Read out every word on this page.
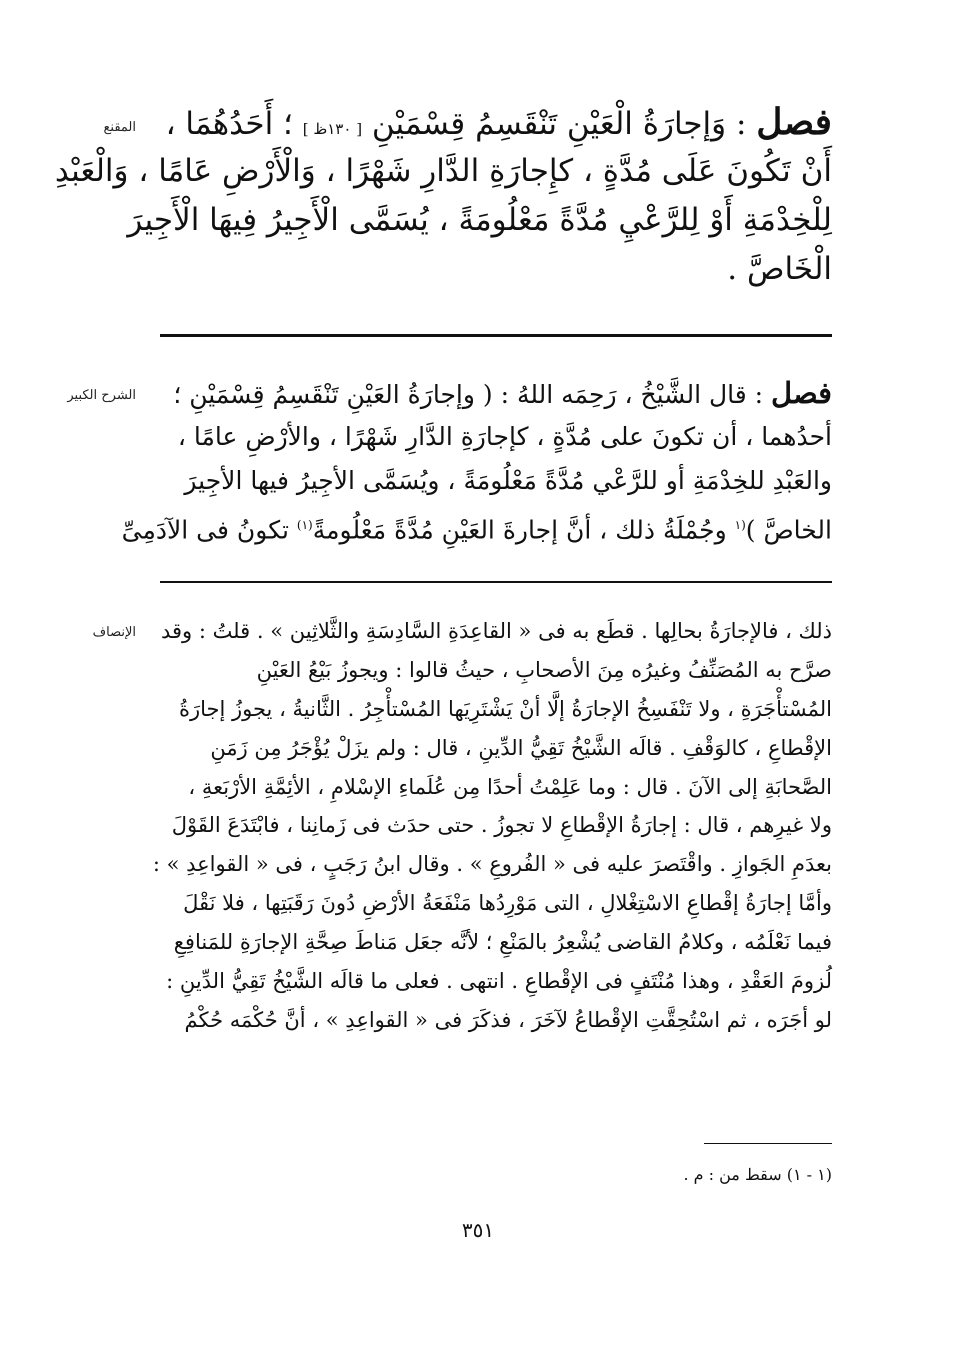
المقنع	فصل : وَإجارَةُ الْعَيْنِ تَنْقَسِمُ قِسْمَيْنِ [ ١٣٠ظ ] ؛ أَحَدُهُمَا ،
أَنْ تَكُونَ عَلَى مُدَّةٍ ، كإِجارَةِ الدَّارِ شَهْرًا ، وَالْأَرْضِ عَامًا ، وَالْعَبْدِ
لِلْخِدْمَةِ أَوْ لِلرَّعْيِ مُدَّةً مَعْلُومَةً ، يُسَمَّى الْأَجِيرُ فِيهَا الْأَجِيرَ
الْخَاصَّ .
الشرح الكبير	فصل : قال الشَّيْخُ ، رَحِمَه اللهُ : ( وإجارَةُ العَيْنِ تَنْقَسِمُ قِسْمَيْنِ ؛
أحدُهما ، أن تكونَ على مُدَّةٍ ، كإجارَةِ الدَّارِ شَهْرًا ، والأرْضِ عامًا ،
والعَبْدِ للخِدْمَةِ أو للرَّعْي مُدَّةً مَعْلُومَةً ، ويُسَمَّى الأجِيرُ فيها الأجِيرَ
الخاصَّ )$^{(١}$ وجُمْلَةُ ذلك ، أنَّ إجارةَ العَيْنِ مُدَّةً مَعْلُومةً$^{(١)}$ تكونُ فى الآدَمِىِّ
الإنصاف ذلك ، فالإجارَةُ بحالِها . قطَع به فى « القاعِدَةِ السَّادِسَةِ والثَّلاثِين » . قلتُ : وقد
صرَّح به المُصَنِّفُ وغيرُه مِنَ الأصحابِ ، حيثُ قالوا : ويجوزُ بَيْعُ العَيْنِ
المُسْتأْجَرَةِ ، ولا تَنْفَسِخُ الإجارَةُ إلَّا أنْ يَشْتَرِيَها المُسْتأْجِرُ . الثَّانيةُ ، يجوزُ إجارَةُ
الإقْطاعِ ، كالوَقْفِ . قالَه الشَّيْخُ تَقِيُّ الدِّينِ ، قال : ولم يزَلْ يُؤْجَرُ مِن زَمَنِ
الصَّحابَةِ إلى الآنَ . قال : وما عَلِمْتُ أحدًا مِن عُلَماءِ الإسْلامِ ، الأئِمَّةِ الأرْبَعةِ ،
ولا غيرِهم ، قال : إجارَةُ الإقْطاعِ لا تجوزُ . حتى حدَث فى زَمانِنا ، فابْتَدَعَ القَوْلَ
بعدَمِ الجَوازِ . واقْتَصرَ عليه فى « الفُروعِ » . وقال ابنُ رَجَبٍ ، فى « القواعِدِ » :
وأمَّا إجارَةُ إقْطاعِ الاسْتِغْلالِ ، التى مَوْرِدُها مَنْفَعَةُ الأرْضِ دُونَ رَقَبَتِها ، فلا نَقْلَ
فيما نَعْلَمُه ، وكلامُ القاضى يُشْعِرُ بالمَنْعِ ؛ لأنَّه جعَل مَناطَ صِحَّةِ الإجارَةِ للمَنافِعِ
لُزومَ العَقْدِ ، وهذا مُنْتَفٍ فى الإقْطاعِ . انتهى . فعلى ما قالَه الشَّيْخُ تَقِيُّ الدِّينِ :
لو أجَرَه ، ثم اسْتُحِقَّتِ الإقْطاعُ لآخَرَ ، فذكَرَ فى « القواعِدِ » ، أنَّ حُكْمَه حُكْمُ
(١ - ١) سقط من : م .
٣٥١
